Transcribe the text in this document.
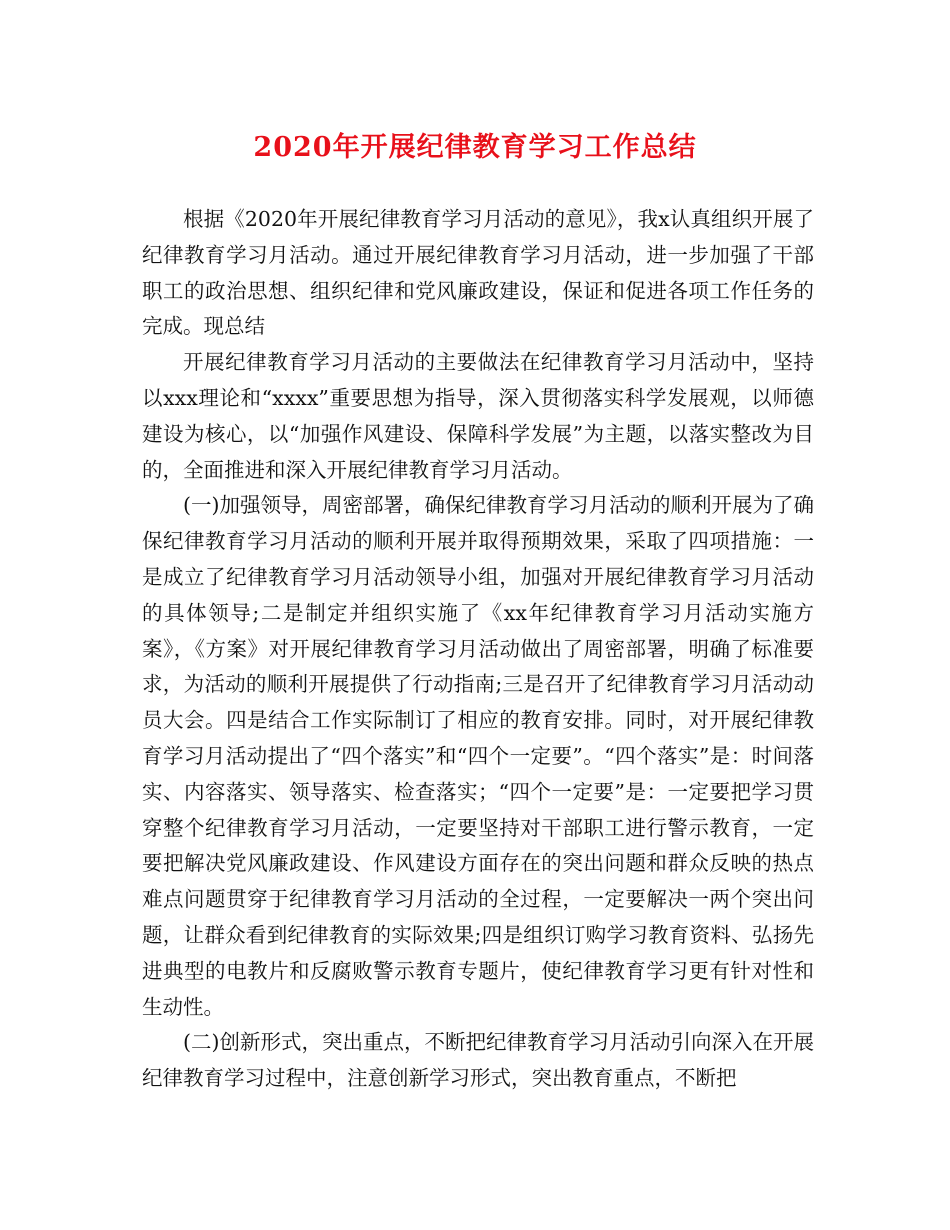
2020年开展纪律教育学习工作总结

根据《2020年开展纪律教育学习月活动的意见》，我x认真组织开展了纪律教育学习月活动。通过开展纪律教育学习月活动，进一步加强了干部职工的政治思想、组织纪律和党风廉政建设，保证和促进各项工作任务的完成。现总结

开展纪律教育学习月活动的主要做法在纪律教育学习月活动中，坚持以xxx理论和“xxxx”重要思想为指导，深入贯彻落实科学发展观，以师德建设为核心，以“加强作风建设、保障科学发展”为主题，以落实整改为目的，全面推进和深入开展纪律教育学习月活动。

(一)加强领导，周密部署，确保纪律教育学习月活动的顺利开展为了确保纪律教育学习月活动的顺利开展并取得预期效果，采取了四项措施：一是成立了纪律教育学习月活动领导小组，加强对开展纪律教育学习月活动的具体领导;二是制定并组织实施了《xx年纪律教育学习月活动实施方案》，《方案》对开展纪律教育学习月活动做出了周密部署，明确了标准要求，为活动的顺利开展提供了行动指南;三是召开了纪律教育学习月活动动员大会。四是结合工作实际制订了相应的教育安排。同时，对开展纪律教育学习月活动提出了“四个落实”和“四个一定要”。“四个落实”是：时间落实、内容落实、领导落实、检查落实；“四个一定要”是：一定要把学习贯穿整个纪律教育学习月活动，一定要坚持对干部职工进行警示教育，一定要把解决党风廉政建设、作风建设方面存在的突出问题和群众反映的热点难点问题贯穿于纪律教育学习月活动的全过程，一定要解决一两个突出问题，让群众看到纪律教育的实际效果;四是组织订购学习教育资料、弘扬先进典型的电教片和反腐败警示教育专题片，使纪律教育学习更有针对性和生动性。

(二)创新形式，突出重点，不断把纪律教育学习月活动引向深入在开展纪律教育学习过程中，注意创新学习形式，突出教育重点，不断把
